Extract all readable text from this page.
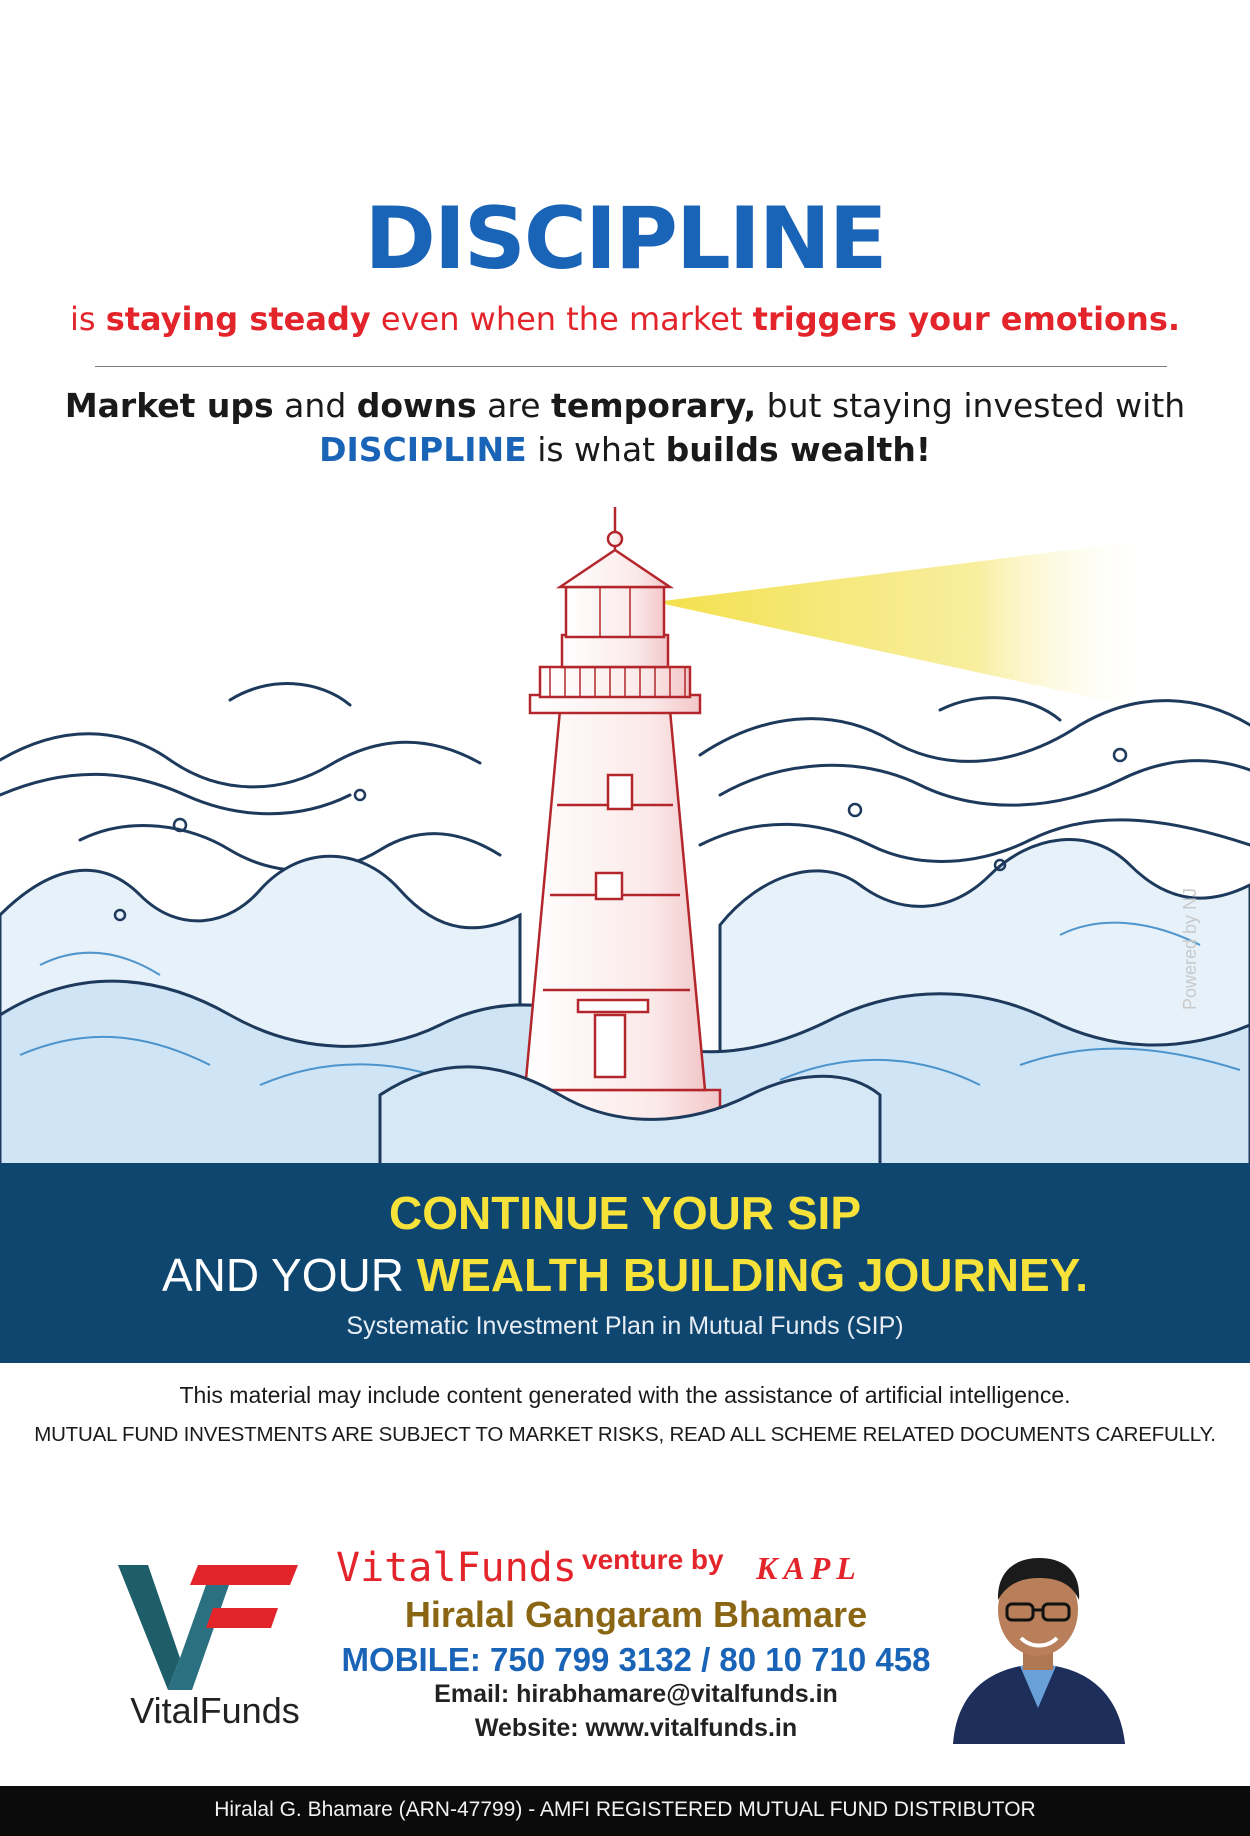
DISCIPLINE
is staying steady even when the market triggers your emotions.
Market ups and downs are temporary, but staying invested with
DISCIPLINE is what builds wealth!
Powered by NJ
CONTINUE YOUR SIP
AND YOUR WEALTH BUILDING JOURNEY.
Systematic Investment Plan in Mutual Funds (SIP)
This material may include content generated with the assistance of artificial intelligence.
MUTUAL FUND INVESTMENTS ARE SUBJECT TO MARKET RISKS, READ ALL SCHEME RELATED DOCUMENTS CAREFULLY.
VitalFunds
VitalFunds venture by KAPL
Hiralal Gangaram Bhamare
MOBILE: 750 799 3132 / 80 10 710 458
Email: hirabhamare@vitalfunds.in
Website: www.vitalfunds.in
Hiralal G. Bhamare (ARN-47799) - AMFI REGISTERED MUTUAL FUND DISTRIBUTOR
